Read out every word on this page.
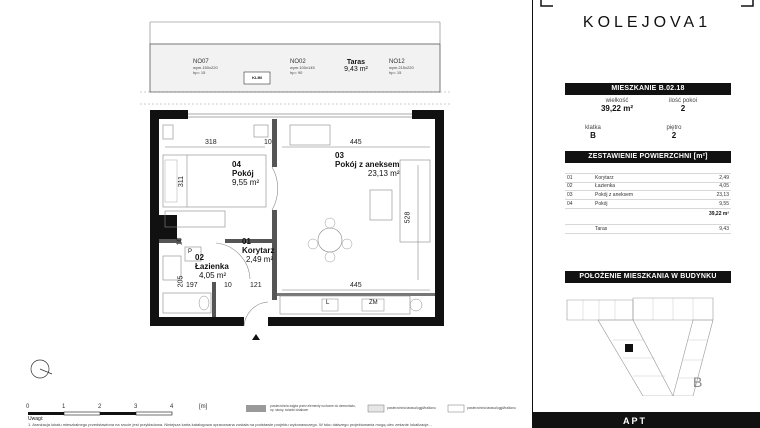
NO07
wym.150x220
hp= 15
NO02
wym.100x145
hp= 90
NO12
wym.215x220
hp= 15
Taras
9,43 m²
KLIM
04
Pokój
9,55 m²
03
Pokój z aneksem
23,13 m²
01
Korytarz
2,49 m²
02
Łazienka
4,05 m²
318	10	445
311
528
10
205 197	10	121	445
P
L	ZM
0	1	2	3	4	[m]	powierzchnia zajęta przez elementy ruchome do demontażu, np. skosy, ścianki działowe	powierzchnia tarasu/loggii/balkonu	powierzchnia tarasu/loggii/balkonu
Uwagi:
1. Aranżacja lokalu mieszkalnego przedstawiona na rzucie jest przykładowa. Niniejsza karta katalogowa opracowana została na podstawie projektu wykonawczego. W toku dalszego projektowania mogą ulec zmianie lokalizacje...
KOLEJOVA1
MIESZKANIE B.02.18
wielkość
39,22 m²
ilość pokoi
2
klatka
B
piętro
2
ZESTAWIENIE POWIERZCHNI [m²]
01	Korytarz	2,49
02	Łazienka	4,05
03	Pokój z aneksem	23,13
04	Pokój	9,55
39,22 m²
Taras	9,43
POŁOŻENIE MIESZKANIA W BUDYNKU
B
APT
